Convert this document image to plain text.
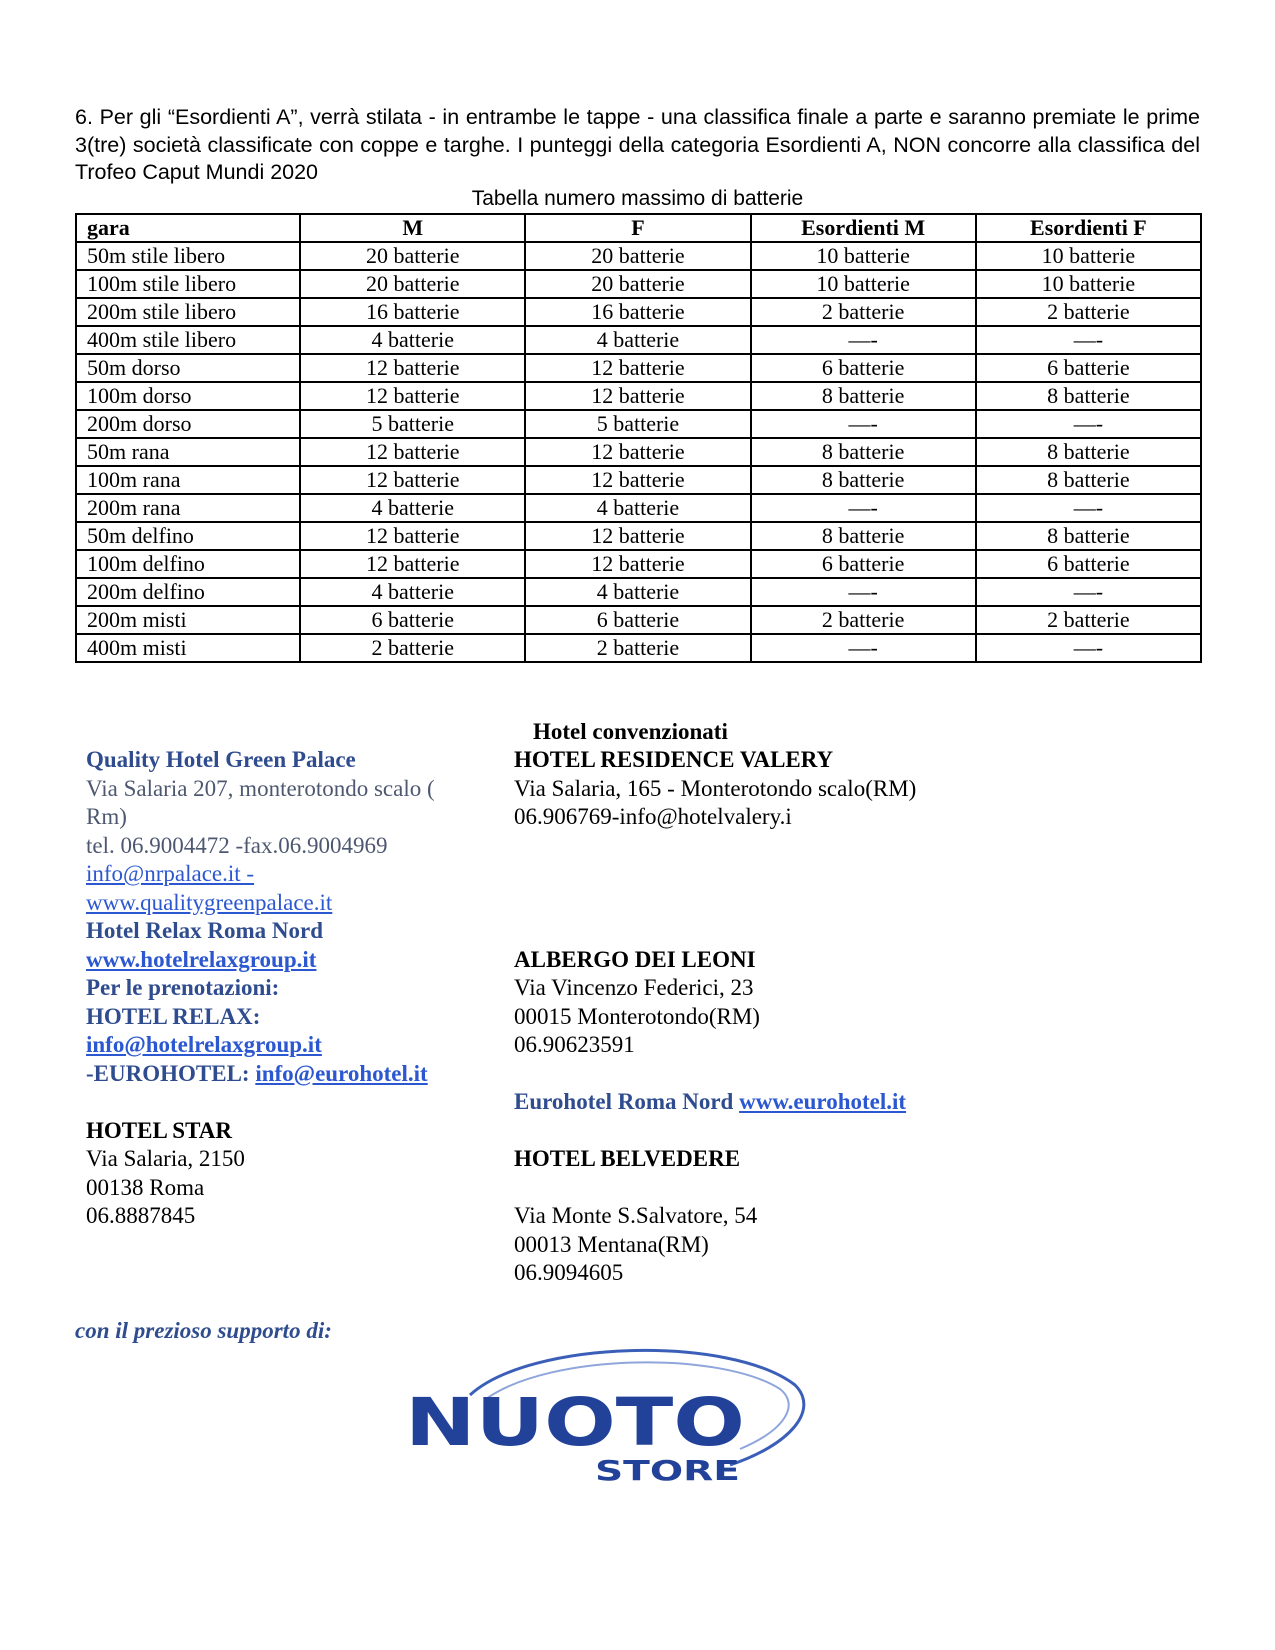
6. Per gli “Esordienti A”, verrà stilata - in entrambe le tappe - una classifica finale a parte e saranno premiate le prime 3(tre) società classificate con coppe e targhe. I punteggi della categoria Esordienti A, NON concorre alla classifica del Trofeo Caput Mundi 2020

Tabella numero massimo di batterie

gara	M	F	Esordienti M	Esordienti F
50m stile libero	20 batterie	20 batterie	10 batterie	10 batterie
100m stile libero	20 batterie	20 batterie	10 batterie	10 batterie
200m stile libero	16 batterie	16 batterie	2 batterie	2 batterie
400m stile libero	4 batterie	4 batterie	—-	—-
50m dorso	12 batterie	12 batterie	6 batterie	6 batterie
100m dorso	12 batterie	12 batterie	8 batterie	8 batterie
200m dorso	5 batterie	5 batterie	—-	—-
50m rana	12 batterie	12 batterie	8 batterie	8 batterie
100m rana	12 batterie	12 batterie	8 batterie	8 batterie
200m rana	4 batterie	4 batterie	—-	—-
50m delfino	12 batterie	12 batterie	8 batterie	8 batterie
100m delfino	12 batterie	12 batterie	6 batterie	6 batterie
200m delfino	4 batterie	4 batterie	—-	—-
200m misti	6 batterie	6 batterie	2 batterie	2 batterie
400m misti	2 batterie	2 batterie	—-	—-
Hotel convenzionati
Quality Hotel Green Palace
Via Salaria 207, monterotondo scalo (
Rm)
tel. 06.9004472 -fax.06.9004969
info@nrpalace.it -
www.qualitygreenpalace.it
Hotel Relax Roma Nord
www.hotelrelaxgroup.it
Per le prenotazioni:
HOTEL RELAX:
info@hotelrelaxgroup.it
-EUROHOTEL: info@eurohotel.it
HOTEL STAR
Via Salaria, 2150
00138 Roma
06.8887845
HOTEL RESIDENCE VALERY
Via Salaria, 165 - Monterotondo scalo(RM)
06.906769-info@hotelvalery.i
ALBERGO DEI LEONI
Via Vincenzo Federici, 23
00015 Monterotondo(RM)
06.90623591
Eurohotel Roma Nord www.eurohotel.it
HOTEL BELVEDERE
Via Monte S.Salvatore, 54
00013 Mentana(RM)
06.9094605

con il prezioso supporto di:

NUOTO
STORE
